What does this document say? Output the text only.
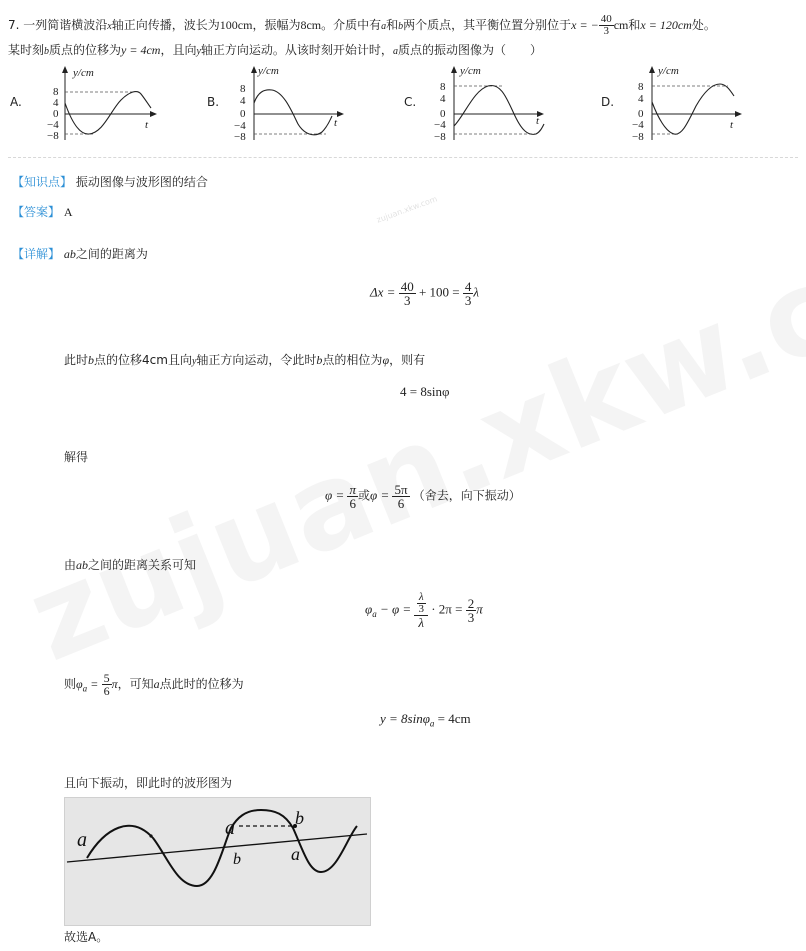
7. 一列简谐横波沿x轴正向传播，波长为100cm，振幅为8cm。介质中有a和b两个质点，其平衡位置分别位于x = − $\frac{40}{3}$ cm和x = 120cm处。
某时刻b质点的位移为y = 4cm，且向y轴正方向运动。从该时刻开始计时，a质点的振动图像为（　　）
A.	B.	C.	D.
y/cm
8
4
0
−4
−8
t
y/cm
8
4
0
−4
−8
t
y/cm
8
4
0
−4
−8
t
y/cm
8
4
0
−4
−8
t
【知识点】 振动图像与波形图的结合
【答案】 A	zujuan.xkw.com
【详解】 ab之间的距离为
$\Delta x = \frac{40}{3} + 100 = \frac{4}{3}$ λ
此时b点的位移4cm且向y轴正方向运动，令此时b点的相位为φ，则有
4 = 8sinφ
解得
$\varphi = \frac{\pi}{6}$ 或$\varphi = \frac{5\pi}{6}$ （舍去，向下振动）
由ab之间的距离关系可知
$\varphi_a - \varphi = \frac{\frac{\lambda}{3}}{\lambda} \cdot 2\pi = \frac{2}{3}$ π
则$\varphi_a = \frac{5}{6}$ π，可知a点此时的位移为
y = 8sinφ$_a$ = 4cm
且向下振动，即此时的波形图为
a
a
b	a
b
故选A。
